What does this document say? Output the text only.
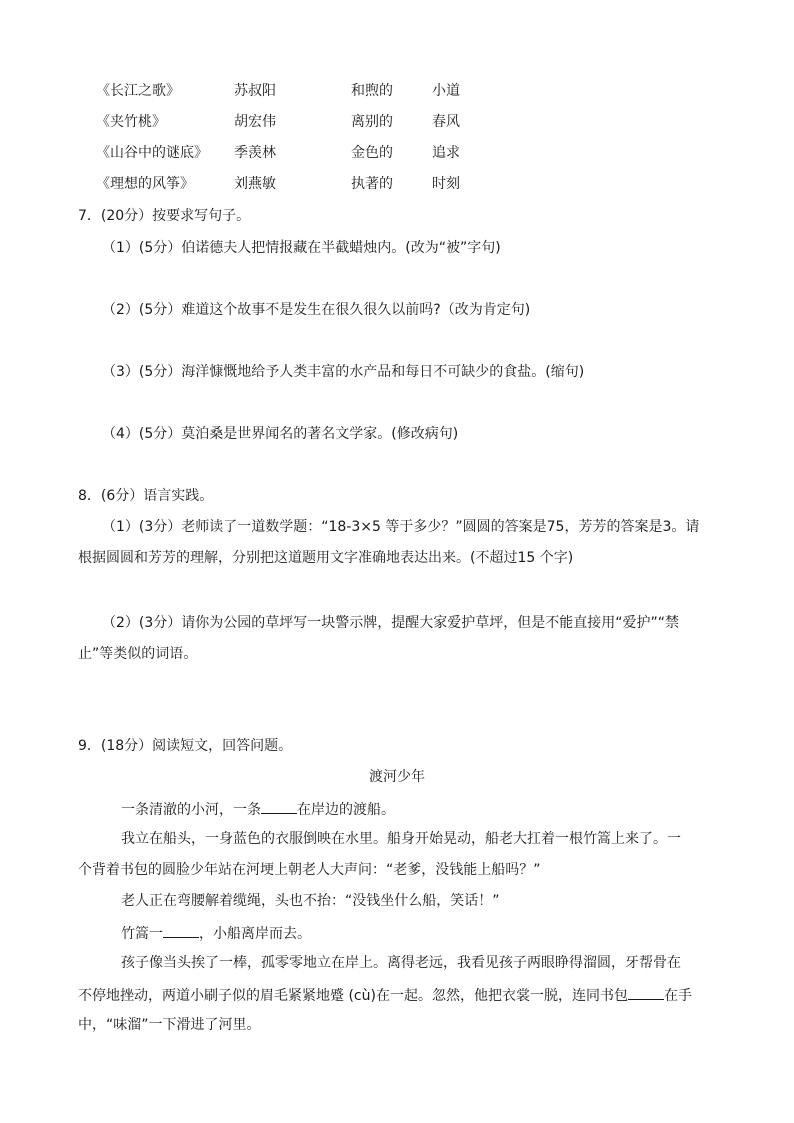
《长江之歌》	苏叔阳	和煦的	小道
《夹竹桃》	胡宏伟	离别的	春风
《山谷中的谜底》 季羡林	金色的	追求
《理想的风筝》	刘燕敏	执著的	时刻
7．(20分）按要求写句子。
（1）(5分）伯诺德夫人把情报藏在半截蜡烛内。(改为“被”字句)
（2）(5分）难道这个故事不是发生在很久很久以前吗?（改为肯定句)
（3）(5分）海洋慷慨地给予人类丰富的水产品和每日不可缺少的食盐。(缩句)
（4）(5分）莫泊桑是世界闻名的著名文学家。(修改病句)
8．(6分）语言实践。
（1）(3分）老师读了一道数学题：“18-3×5 等于多少？”圆圆的答案是75，芳芳的答案是3。请
根据圆圆和芳芳的理解，分别把这道题用文字准确地表达出来。(不超过15 个字)
（2）(3分）请你为公园的草坪写一块警示牌，提醒大家爱护草坪，但是不能直接用“爱护”“禁
止”等类似的词语。
9．(18分）阅读短文，回答问题。
渡河少年
一条清澈的小河，一条	在岸边的渡船。
我立在船头，一身蓝色的衣服倒映在水里。船身开始晃动，船老大扛着一根竹篙上来了。一
个背着书包的圆脸少年站在河埂上朝老人大声问：“老爹，没钱能上船吗？”
老人正在弯腰解着缆绳，头也不抬：“没钱坐什么船，笑话！”
竹篙一	，小船离岸而去。
孩子像当头挨了一棒，孤零零地立在岸上。离得老远，我看见孩子两眼睁得溜圆，牙帮骨在
不停地挫动，两道小刷子似的眉毛紧紧地蹙 (cù)在一起。忽然，他把衣裳一脱，连同书包	在手
中，“味溜”一下滑进了河里。
